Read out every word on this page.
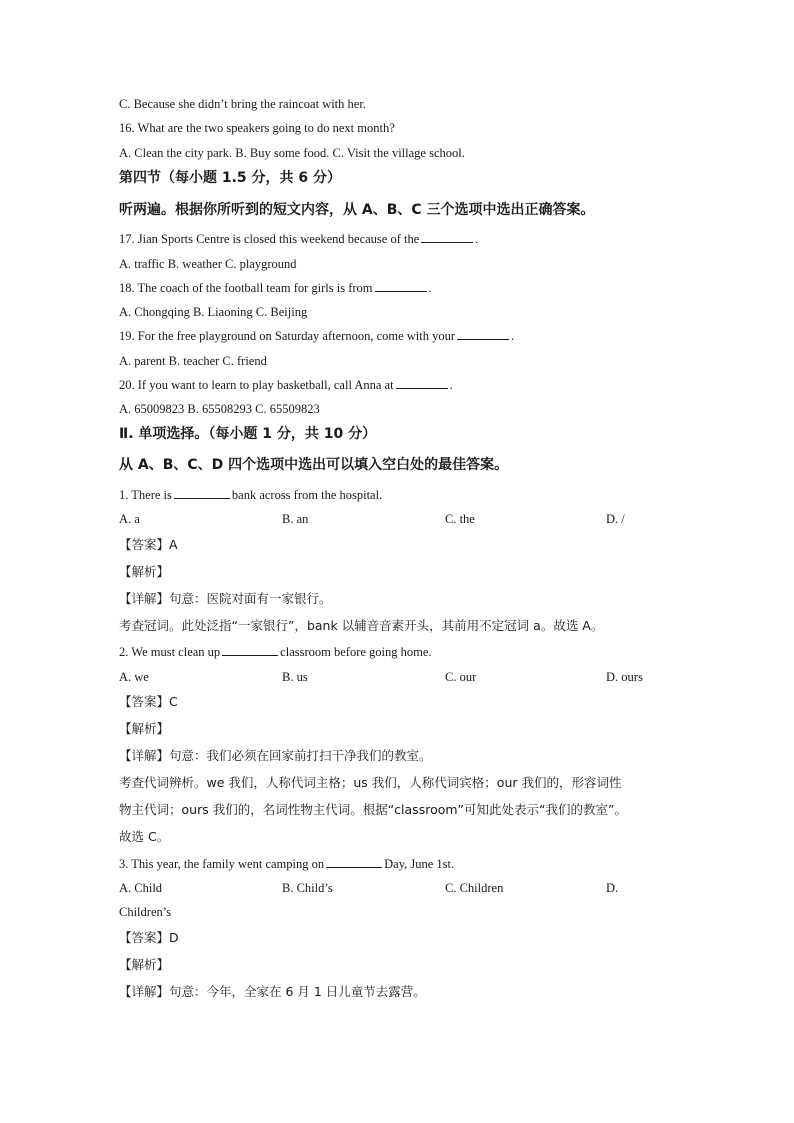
C. Because she didn’t bring the raincoat with her.
16. What are the two speakers going to do next month?
A. Clean the city park. B. Buy some food. C. Visit the village school.
第四节（每小题 1.5 分，共 6 分）
听两遍。根据你所听到的短文内容，从 A、B、C 三个选项中选出正确答案。
17. Jian Sports Centre is closed this weekend because of the	.
A. traffic B. weather C. playground
18. The coach of the football team for girls is from	.
A. Chongqing B. Liaoning C. Beijing
19. For the free playground on Saturday afternoon, come with your	.
A. parent B. teacher C. friend
20. If you want to learn to play basketball, call Anna at	.
A. 65009823 B. 65508293 C. 65509823
Ⅱ. 单项选择。（每小题 1 分，共 10 分）
从 A、B、C、D 四个选项中选出可以填入空白处的最佳答案。
1. There is	bank across from the hospital.
A. a	B. an	C. the	D. /
【答案】A
【解析】
【详解】句意：医院对面有一家银行。
考查冠词。此处泛指“一家银行”，bank 以辅音音素开头，其前用不定冠词 a。故选 A。
2. We must clean up	classroom before going home.
A. we	B. us	C. our	D. ours
【答案】C
【解析】
【详解】句意：我们必须在回家前打扫干净我们的教室。
考查代词辨析。we 我们，人称代词主格；us 我们，人称代词宾格；our 我们的，形容词性
物主代词；ours 我们的，名词性物主代词。根据“classroom”可知此处表示“我们的教室”。
故选 C。
3. This year, the family went camping on	Day, June 1st.
A. Child	B. Child’s	C. Children	D.
Children’s
【答案】D
【解析】
【详解】句意：今年，全家在 6 月 1 日儿童节去露营。
